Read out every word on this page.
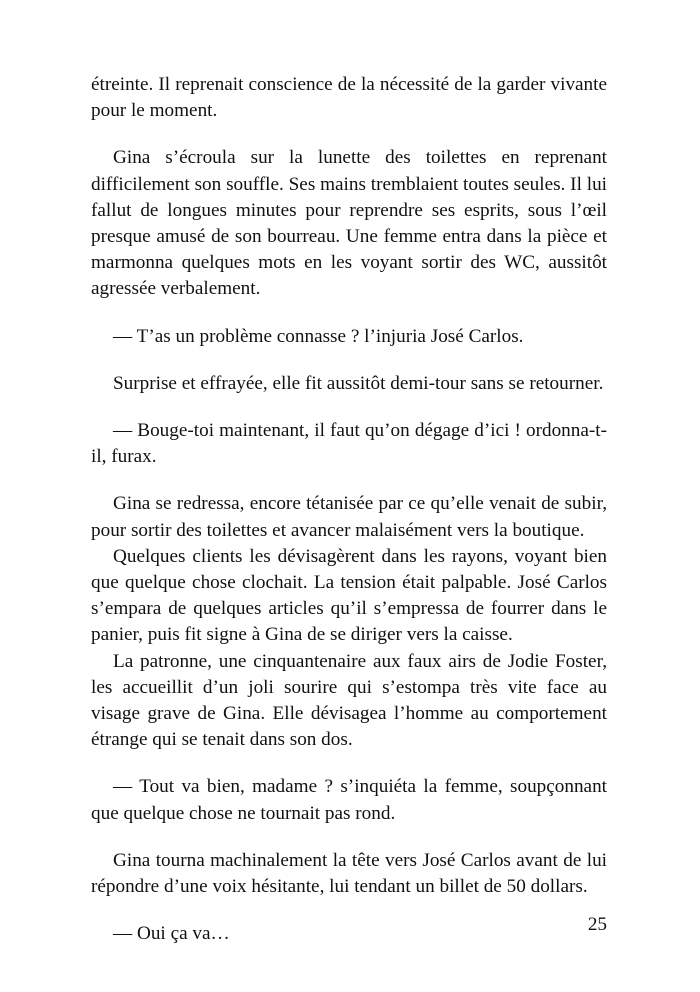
étreinte. Il reprenait conscience de la nécessité de la garder vivante pour le moment.

Gina s’écroula sur la lunette des toilettes en reprenant difficilement son souffle. Ses mains tremblaient toutes seules. Il lui fallut de longues minutes pour reprendre ses esprits, sous l’œil presque amusé de son bourreau. Une femme entra dans la pièce et marmonna quelques mots en les voyant sortir des WC, aussitôt agressée verbalement.

— T’as un problème connasse ? l’injuria José Carlos.

Surprise et effrayée, elle fit aussitôt demi-tour sans se retourner.

— Bouge-toi maintenant, il faut qu’on dégage d’ici ! ordonna-t-il, furax.

Gina se redressa, encore tétanisée par ce qu’elle venait de subir, pour sortir des toilettes et avancer malaisément vers la boutique.

Quelques clients les dévisagèrent dans les rayons, voyant bien que quelque chose clochait. La tension était palpable. José Carlos s’empara de quelques articles qu’il s’empressa de fourrer dans le panier, puis fit signe à Gina de se diriger vers la caisse.

La patronne, une cinquantenaire aux faux airs de Jodie Foster, les accueillit d’un joli sourire qui s’estompa très vite face au visage grave de Gina. Elle dévisagea l’homme au comportement étrange qui se tenait dans son dos.

— Tout va bien, madame ? s’inquiéta la femme, soupçonnant que quelque chose ne tournait pas rond.

Gina tourna machinalement la tête vers José Carlos avant de lui répondre d’une voix hésitante, lui tendant un billet de 50 dollars.

— Oui ça va…	25
